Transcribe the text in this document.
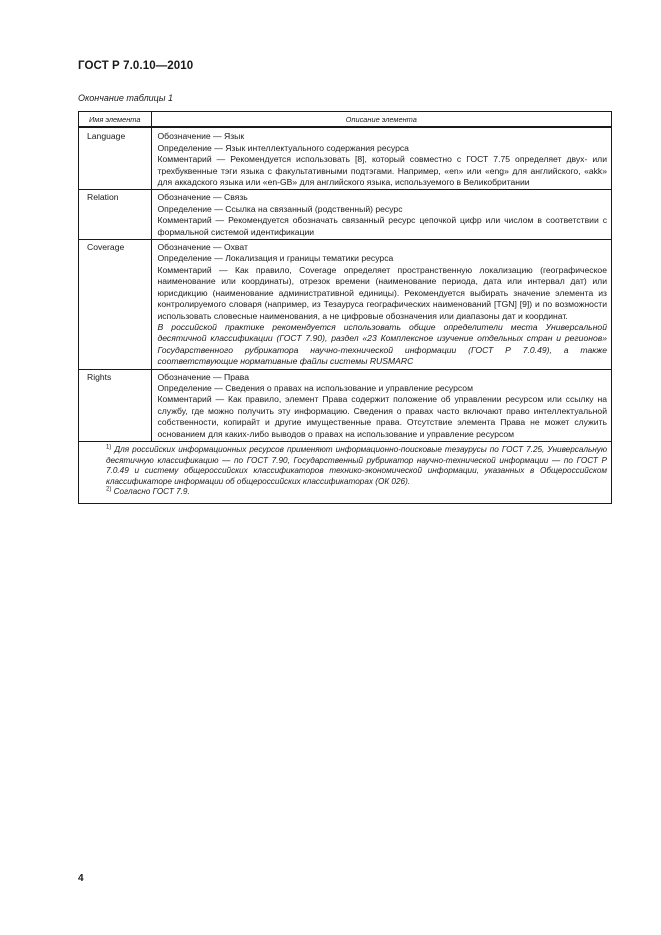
ГОСТ Р 7.0.10—2010
Окончание таблицы 1
Имя элемента	Описание элемента
Language	Обозначение — Язык
Определение — Язык интеллектуального содержания ресурса
Комментарий — Рекомендуется использовать [8], который совместно с ГОСТ 7.75 определяет двух- или трехбуквенные тэги языка с факультативными подтэгами. Например, «en» или «eng» для английского, «akk» для аккадского языка или «en-GB» для английского языка, используемого в Великобритании

Relation	Обозначение — Связь
Определение — Ссылка на связанный (родственный) ресурс
Комментарий — Рекомендуется обозначать связанный ресурс цепочкой цифр или числом в соответствии с формальной системой идентификации

Coverage	Обозначение — Охват
Определение — Локализация и границы тематики ресурса
Комментарий — Как правило, Coverage определяет пространственную локализацию (географическое наименование или координаты), отрезок времени (наименование периода, дата или интервал дат) или юрисдикцию (наименование административной единицы). Рекомендуется выбирать значение элемента из контролируемого словаря (например, из Тезауруса географических наименований [TGN] [9]) и по возможности использовать словесные наименования, а не цифровые обозначения или диапазоны дат и координат.
В российской практике рекомендуется использовать общие определители места Универсальной десятичной классификации (ГОСТ 7.90), раздел «23 Комплексное изучение отдельных стран и регионов» Государственного рубрикатора научно-технической информации (ГОСТ Р 7.0.49), а также соответствующие нормативные файлы системы RUSMARC

Rights	Обозначение — Права
Определение — Сведения о правах на использование и управление ресурсом
Комментарий — Как правило, элемент Права содержит положение об управлении ресурсом или ссылку на службу, где можно получить эту информацию. Сведения о правах часто включают право интеллектуальной собственности, копирайт и другие имущественные права. Отсутствие элемента Права не может служить основанием для каких-либо выводов о правах на использование и управление ресурсом

$^{1)}$ Для российских информационных ресурсов применяют информационно-поисковые тезаурусы по ГОСТ 7.25, Универсальную десятичную классификацию — по ГОСТ 7.90, Государственный рубрикатор научно-технической информации — по ГОСТ Р 7.0.49 и систему общероссийских классификаторов технико-экономической информации, указанных в Общероссийском классификаторе информации об общероссийских классификаторах (ОК 026).
$^{2)}$ Согласно ГОСТ 7.9.	
4
